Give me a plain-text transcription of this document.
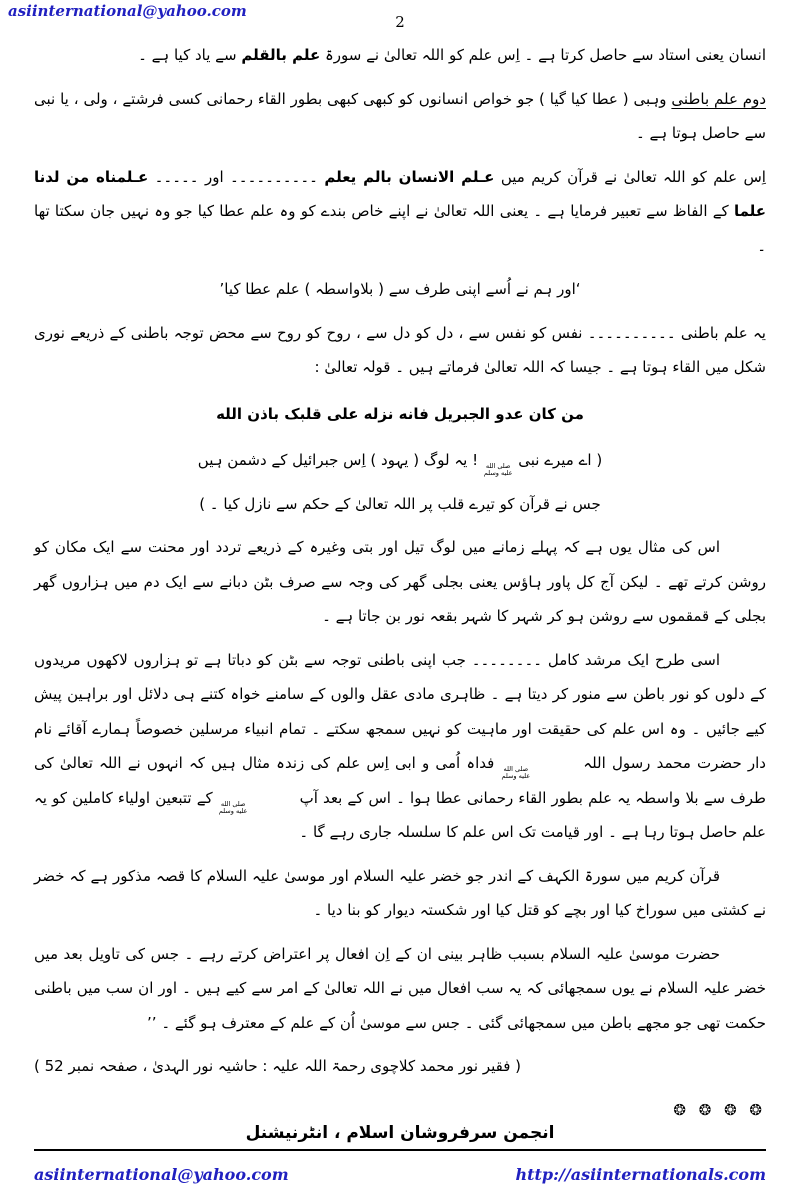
asiinternational@yahoo.com
2

انسان یعنی استاد سے حاصل کرتا ہے ۔ اِس علم کو اللہ تعالیٰ نے سورۃ علم بالقلم سے یاد کیا ہے ۔

دوم علم باطنی وہبی ( عطا کیا گیا ) جو خواص انسانوں کو کبھی کبھی بطور القاء رحمانی کسی فرشتے ، ولی ، یا نبی سے حاصل ہوتا ہے ۔

اِس علم کو اللہ تعالیٰ نے قرآن کریم میں عـلم الانسان بالم یعلم ۔۔۔۔۔۔۔۔۔۔ اور ۔۔۔۔۔ عـلمناه من لدنا علما کے الفاظ سے تعبیر فرمایا ہے ۔ یعنی اللہ تعالیٰ نے اپنے خاص بندے کو وہ علم عطا کیا جو وہ نہیں جان سکتا تھا ۔

‘اور ہم نے اُسے اپنی طرف سے ( بلاواسطہ ) علم عطا کیا’

یہ علم باطنی ۔۔۔۔۔۔۔۔۔۔ نفس کو نفس سے ، دل کو دل سے ، روح کو روح سے محض توجہ باطنی کے ذریعے نوری شکل میں القاء ہوتا ہے ۔ جیسا کہ اللہ تعالیٰ فرماتے ہیں ۔ قولہ تعالیٰ :

من کان عدو الجبریل فانه نزله علی قلبک باذن الله

( اے میرے نبی
صلى الله
عليه وسلم
! یہ لوگ ( یہود ) اِس جبرائیل کے دشمن ہیں

جس نے قرآن کو تیرے قلب پر اللہ تعالیٰ کے حکم سے نازل کیا ۔ )

اس کی مثال یوں ہے کہ پہلے زمانے میں لوگ تیل اور بتی وغیرہ کے ذریعے تردد اور محنت سے ایک مکان کو روشن کرتے تھے ۔ لیکن آج کل پاور ہاؤس یعنی بجلی گھر کی وجہ سے صرف بٹن دبانے سے ایک دم میں ہزاروں گھر بجلی کے قمقموں سے روشن ہو کر شہر کا شہر بقعہ نور بن جاتا ہے ۔

اسی طرح ایک مرشد کامل ۔۔۔۔۔۔۔۔ جب اپنی باطنی توجہ سے بٹن کو دباتا ہے تو ہزاروں لاکھوں مریدوں کے دلوں کو نور باطن سے منور کر دیتا ہے ۔ ظاہری مادی عقل والوں کے سامنے خواہ کتنے ہی دلائل اور براہین پیش کیے جائیں ۔ وہ اس علم کی حقیقت اور ماہیت کو نہیں سمجھ سکتے ۔ تمام انبیاء مرسلین خصوصاً ہمارے آقائے نام دار حضرت محمد رسول اللہ
صلى الله
عليه وسلم
فداہ اُمی و ابی اِس علم کی زندہ مثال ہیں کہ انہوں نے اللہ تعالیٰ کی طرف سے بلا واسطہ یہ علم بطور القاء رحمانی عطا ہوا ۔ اس کے بعد آپ
صلى الله
عليه وسلم
کے تتبعین اولیاء کاملین کو یہ علم حاصل ہوتا رہا ہے ۔ اور قیامت تک اس علم کا سلسلہ جاری رہے گا ۔

قرآن کریم میں سورۃ الکہف کے اندر جو خضر علیہ السلام اور موسیٰ علیہ السلام کا قصہ مذکور ہے کہ خضر نے کشتی میں سوراخ کیا اور بچے کو قتل کیا اور شکستہ دیوار کو بنا دیا ۔

حضرت موسیٰ علیہ السلام بسبب ظاہر بینی ان کے اِن افعال پر اعتراض کرتے رہے ۔ جس کی تاویل بعد میں خضر علیہ السلام نے یوں سمجھائی کہ یہ سب افعال میں نے اللہ تعالیٰ کے امر سے کیے ہیں ۔ اور ان سب میں باطنی حکمت تھی جو مجھے باطن میں سمجھائی گئی ۔ جس سے موسیٰ اُن کے علم کے معترف ہو گئے ۔ ’’

( فقیر نور محمد کلاچوی رحمۃ اللہ علیہ : حاشیہ نور الہدیٰ ، صفحہ نمبر 52 )

❂ ❂ ❂ ❂

انجمن سرفروشان اسلام ، انٹرنیشنل
asiinternational@yahoo.com	http://asiinternationals.com
